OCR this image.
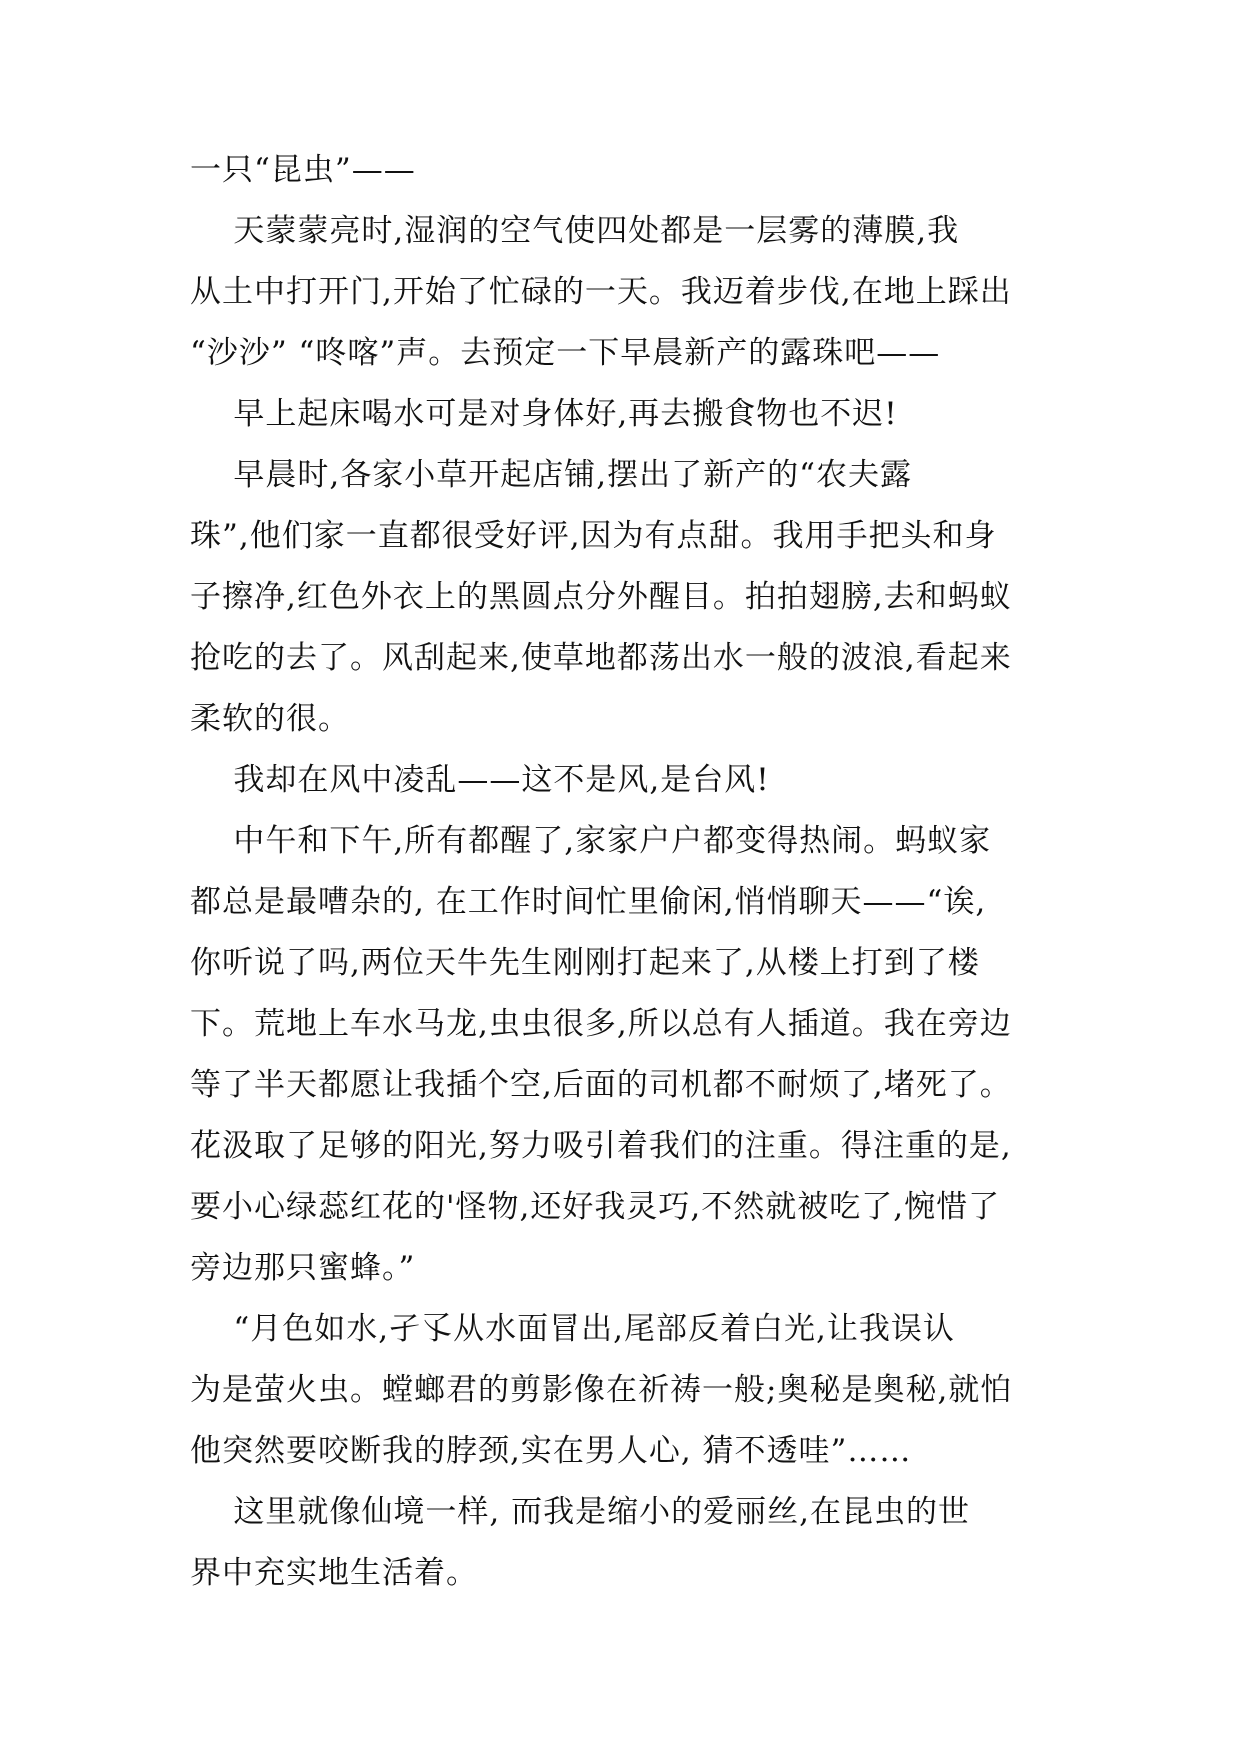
一只“昆虫”——
天蒙蒙亮时,湿润的空气使四处都是一层雾的薄膜,我
从土中打开门,开始了忙碌的一天。我迈着步伐,在地上踩出
“沙沙” “咚喀”声。去预定一下早晨新产的露珠吧——
早上起床喝水可是对身体好,再去搬食物也不迟!
早晨时,各家小草开起店铺,摆出了新产的“农夫露
珠”,他们家一直都很受好评,因为有点甜。我用手把头和身
子擦净,红色外衣上的黑圆点分外醒目。拍拍翅膀,去和蚂蚁
抢吃的去了。风刮起来,使草地都荡出水一般的波浪,看起来
柔软的很。
我却在风中凌乱——这不是风,是台风!
中午和下午,所有都醒了,家家户户都变得热闹。蚂蚁家
都总是最嘈杂的, 在工作时间忙里偷闲,悄悄聊天——“诶,
你听说了吗,两位天牛先生刚刚打起来了,从楼上打到了楼
下。荒地上车水马龙,虫虫很多,所以总有人插道。我在旁边
等了半天都愿让我插个空,后面的司机都不耐烦了,堵死了。
花汲取了足够的阳光,努力吸引着我们的注重。得注重的是,
要小心绿蕊红花的'怪物,还好我灵巧,不然就被吃了,惋惜了
旁边那只蜜蜂。”
“月色如水,孑孓从水面冒出,尾部反着白光,让我误认
为是萤火虫。螳螂君的剪影像在祈祷一般;奥秘是奥秘,就怕
他突然要咬断我的脖颈,实在男人心, 猜不透哇”……
这里就像仙境一样, 而我是缩小的爱丽丝,在昆虫的世
界中充实地生活着。
